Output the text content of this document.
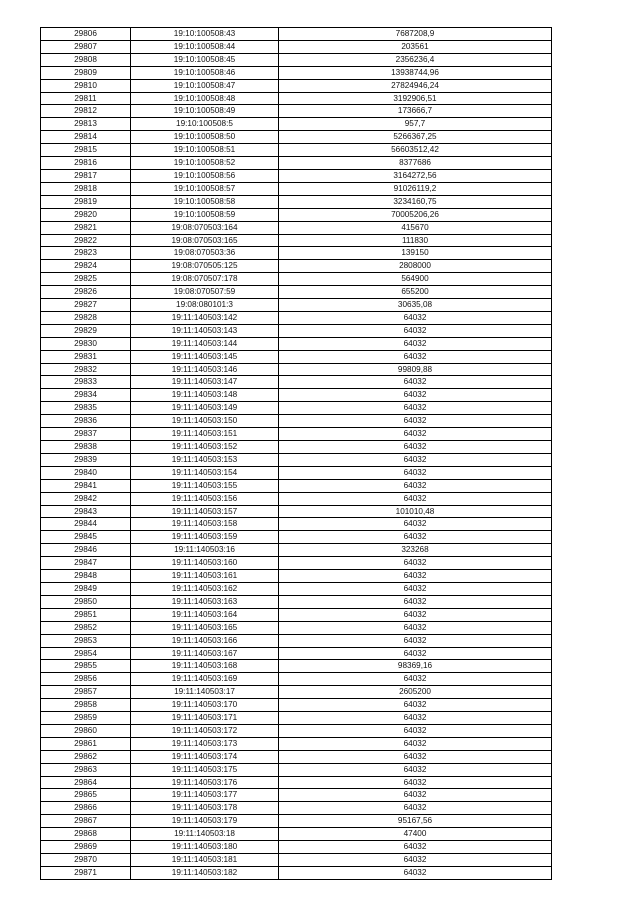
29806	19:10:100508:43	7687208,9
29807	19:10:100508:44	203561
29808	19:10:100508:45	2356236,4
29809	19:10:100508:46	13938744,96
29810	19:10:100508:47	27824946,24
29811	19:10:100508:48	3192906,51
29812	19:10:100508:49	173666,7
29813	19:10:100508:5	957,7
29814	19:10:100508:50	5266367,25
29815	19:10:100508:51	56603512,42
29816	19:10:100508:52	8377686
29817	19:10:100508:56	3164272,56
29818	19:10:100508:57	91026119,2
29819	19:10:100508:58	3234160,75
29820	19:10:100508:59	70005206,26
29821	19:08:070503:164	415670
29822	19:08:070503:165	111830
29823	19:08:070503:36	139150
29824	19:08:070505:125	2808000
29825	19:08:070507:178	564900
29826	19:08:070507:59	655200
29827	19:08:080101:3	30635,08
29828	19:11:140503:142	64032
29829	19:11:140503:143	64032
29830	19:11:140503:144	64032
29831	19:11:140503:145	64032
29832	19:11:140503:146	99809,88
29833	19:11:140503:147	64032
29834	19:11:140503:148	64032
29835	19:11:140503:149	64032
29836	19:11:140503:150	64032
29837	19:11:140503:151	64032
29838	19:11:140503:152	64032
29839	19:11:140503:153	64032
29840	19:11:140503:154	64032
29841	19:11:140503:155	64032
29842	19:11:140503:156	64032
29843	19:11:140503:157	101010,48
29844	19:11:140503:158	64032
29845	19:11:140503:159	64032
29846	19:11:140503:16	323268
29847	19:11:140503:160	64032
29848	19:11:140503:161	64032
29849	19:11:140503:162	64032
29850	19:11:140503:163	64032
29851	19:11:140503:164	64032
29852	19:11:140503:165	64032
29853	19:11:140503:166	64032
29854	19:11:140503:167	64032
29855	19:11:140503:168	98369,16
29856	19:11:140503:169	64032
29857	19:11:140503:17	2605200
29858	19:11:140503:170	64032
29859	19:11:140503:171	64032
29860	19:11:140503:172	64032
29861	19:11:140503:173	64032
29862	19:11:140503:174	64032
29863	19:11:140503:175	64032
29864	19:11:140503:176	64032
29865	19:11:140503:177	64032
29866	19:11:140503:178	64032
29867	19:11:140503:179	95167,56
29868	19:11:140503:18	47400
29869	19:11:140503:180	64032
29870	19:11:140503:181	64032
29871	19:11:140503:182	64032
